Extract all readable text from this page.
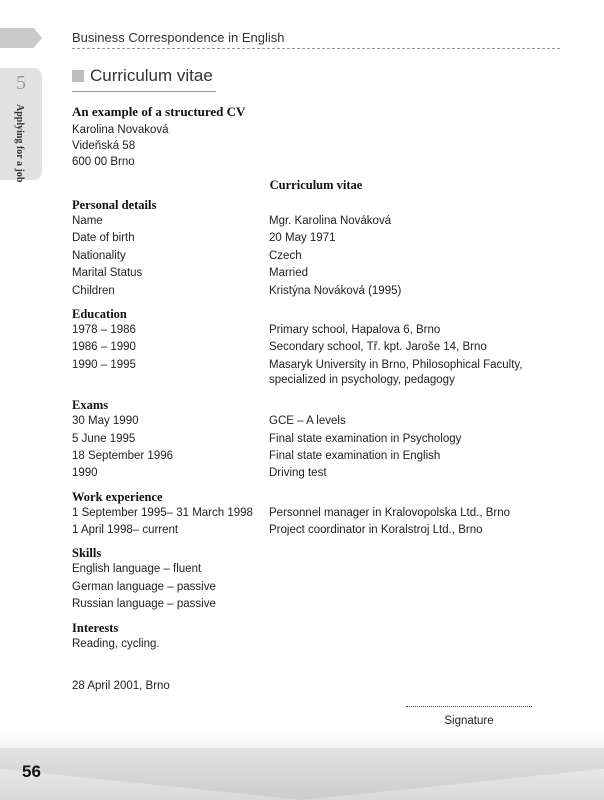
Business Correspondence in English
5
Applying for a job
Curriculum vitae
An example of a structured CV
Karolina Novaková
Videňská 58
600 00 Brno
Curriculum vitae
Personal details
Name	Mgr. Karolina Nováková
Date of birth	20 May 1971
Nationality	Czech
Marital Status	Married
Children	Kristýna Nováková (1995)
Education
1978 – 1986	Primary school, Hapalova 6, Brno
1986 – 1990	Secondary school, Tř. kpt. Jaroše 14, Brno
1990 – 1995	Masaryk University in Brno, Philosophical Faculty,
specialized in psychology, pedagogy
Exams
30 May 1990	GCE – A levels
5 June 1995	Final state examination in Psychology
18 September 1996	Final state examination in English
1990	Driving test
Work experience
1 September 1995– 31 March 1998	Personnel manager in Kralovopolska Ltd., Brno
1 April 1998– current	Project coordinator in Koralstroj Ltd., Brno
Skills
English language – fluent
German language – passive
Russian language – passive
Interests
Reading, cycling.
28 April 2001, Brno
Signature
56
